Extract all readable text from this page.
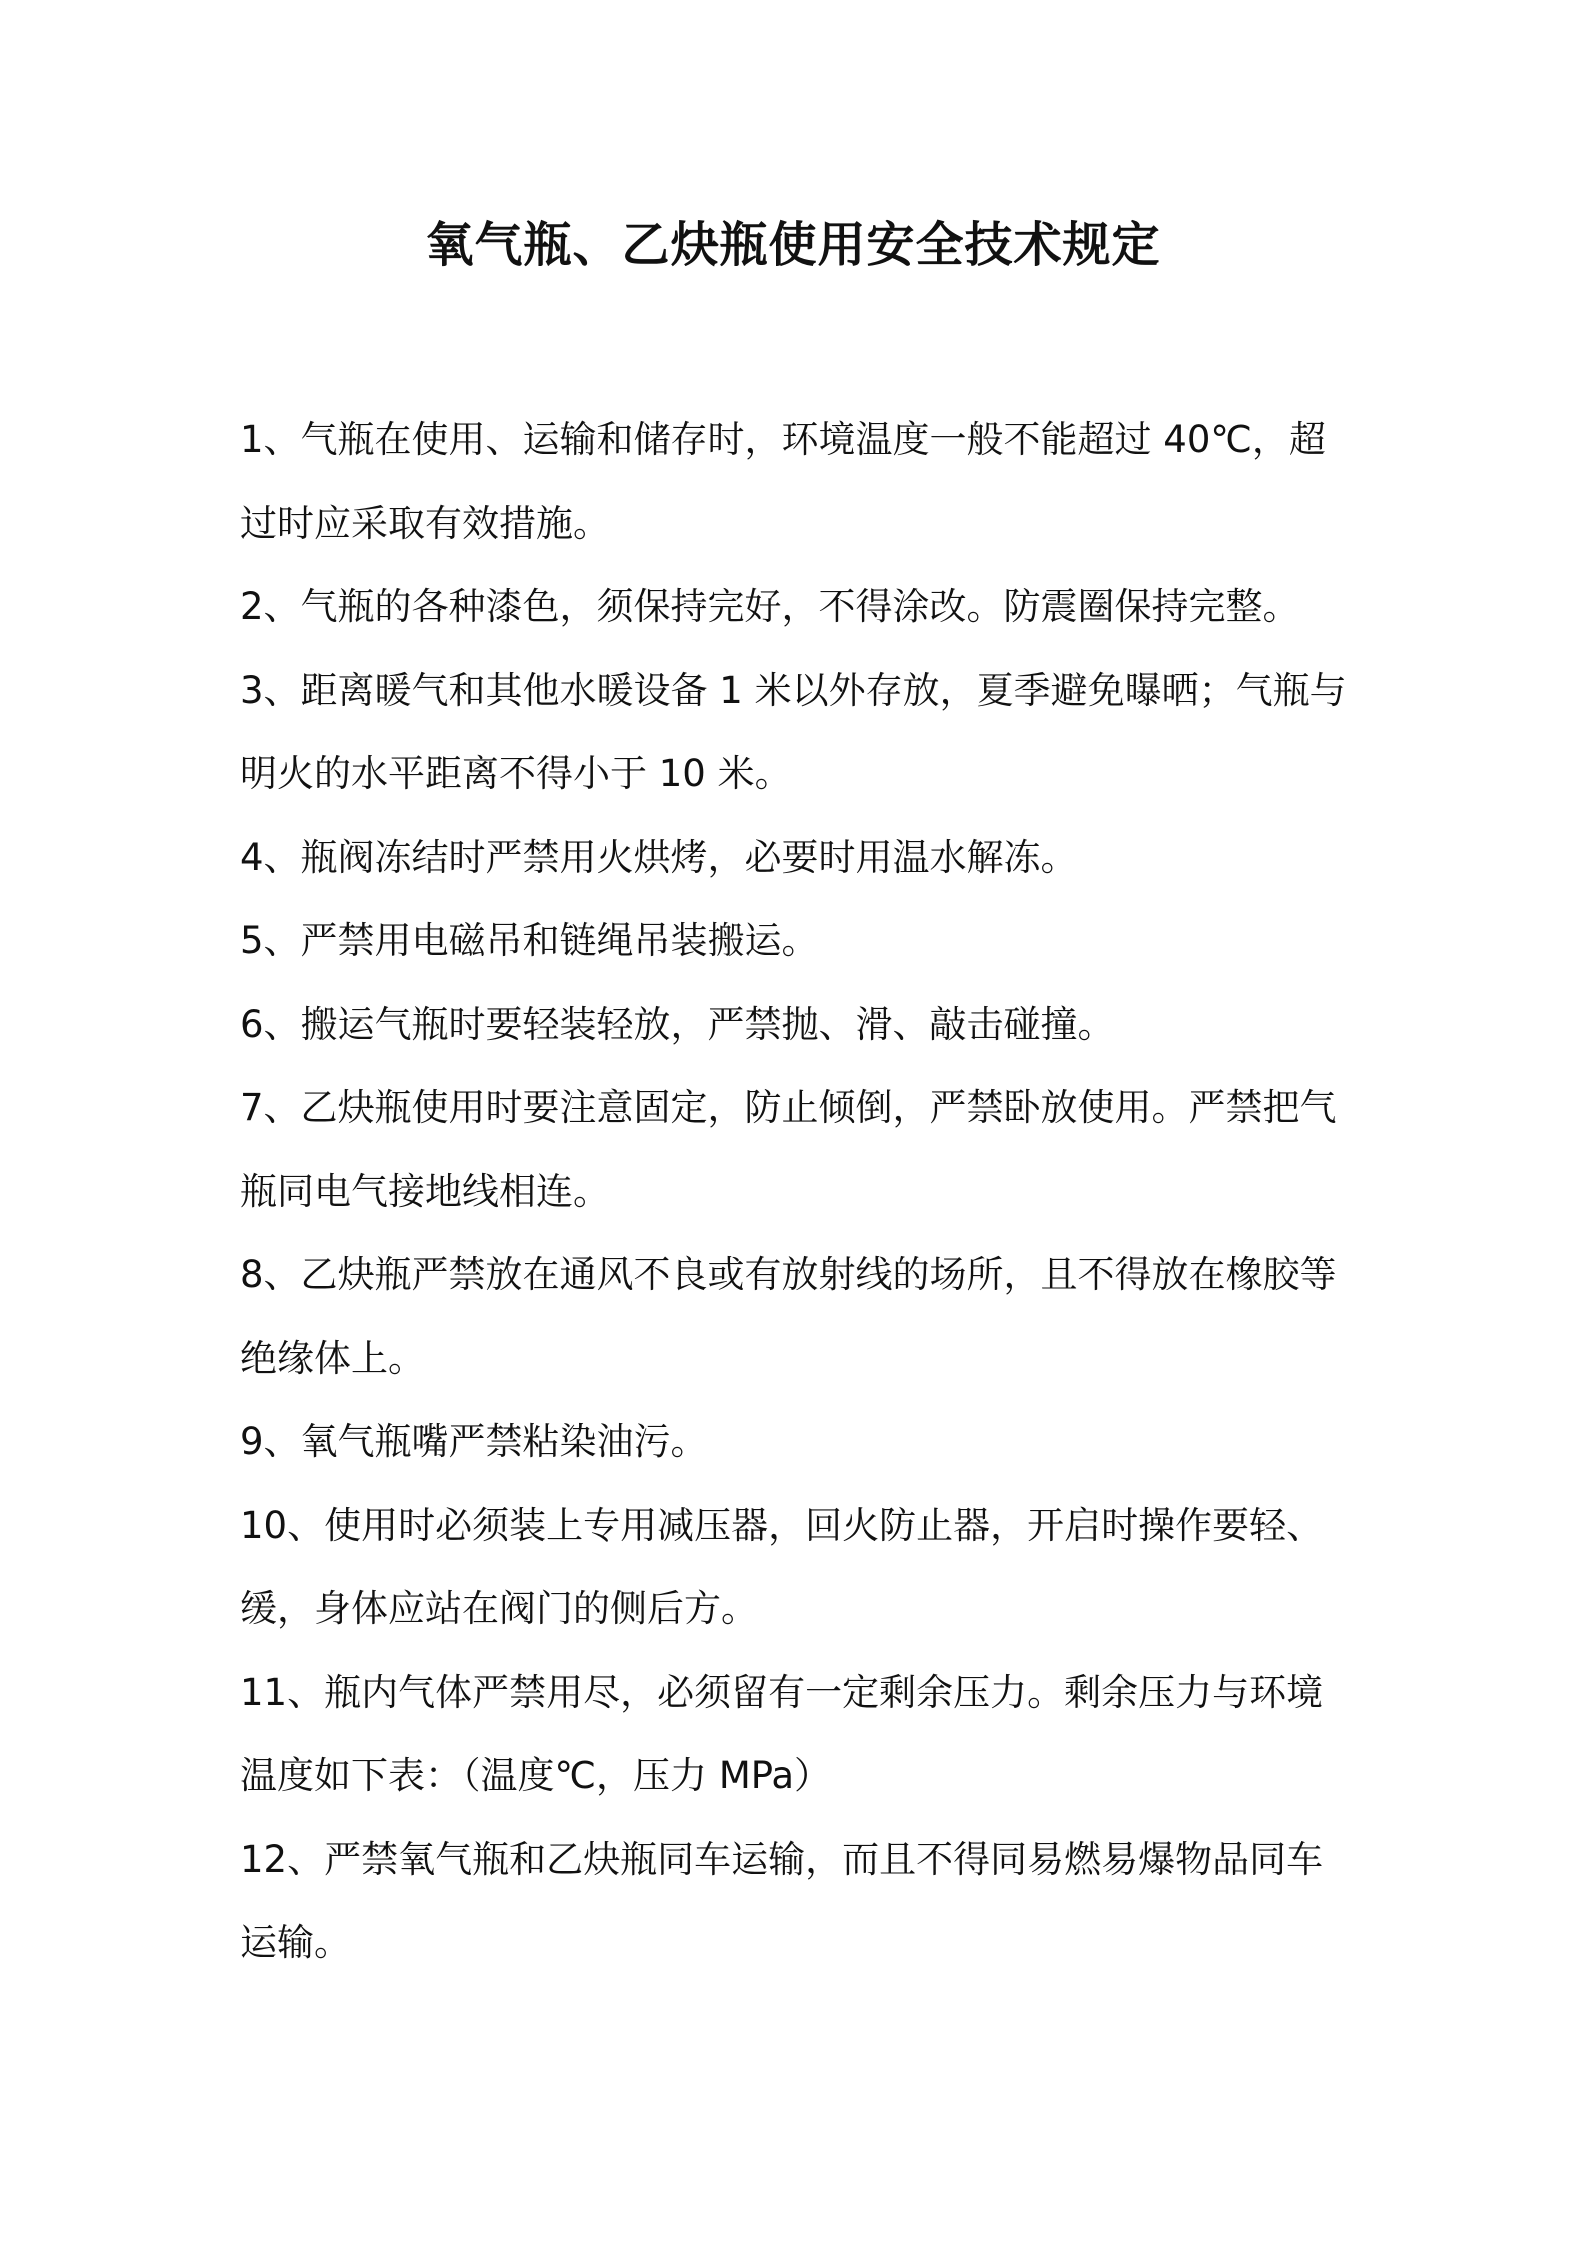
氧气瓶、乙炔瓶使用安全技术规定
1、气瓶在使用、运输和储存时，环境温度一般不能超过 40℃，超过时应采取有效措施。
2、气瓶的各种漆色，须保持完好，不得涂改。防震圈保持完整。
3、距离暖气和其他水暖设备 1 米以外存放，夏季避免曝晒；气瓶与明火的水平距离不得小于 10 米。
4、瓶阀冻结时严禁用火烘烤，必要时用温水解冻。
5、严禁用电磁吊和链绳吊装搬运。
6、搬运气瓶时要轻装轻放，严禁抛、滑、敲击碰撞。
7、乙炔瓶使用时要注意固定，防止倾倒，严禁卧放使用。严禁把气瓶同电气接地线相连。
8、乙炔瓶严禁放在通风不良或有放射线的场所，且不得放在橡胶等绝缘体上。
9、氧气瓶嘴严禁粘染油污。
10、使用时必须装上专用减压器，回火防止器，开启时操作要轻、缓，身体应站在阀门的侧后方。
11、瓶内气体严禁用尽，必须留有一定剩余压力。剩余压力与环境温度如下表：（温度℃，压力 MPa）
12、严禁氧气瓶和乙炔瓶同车运输，而且不得同易燃易爆物品同车运输。
